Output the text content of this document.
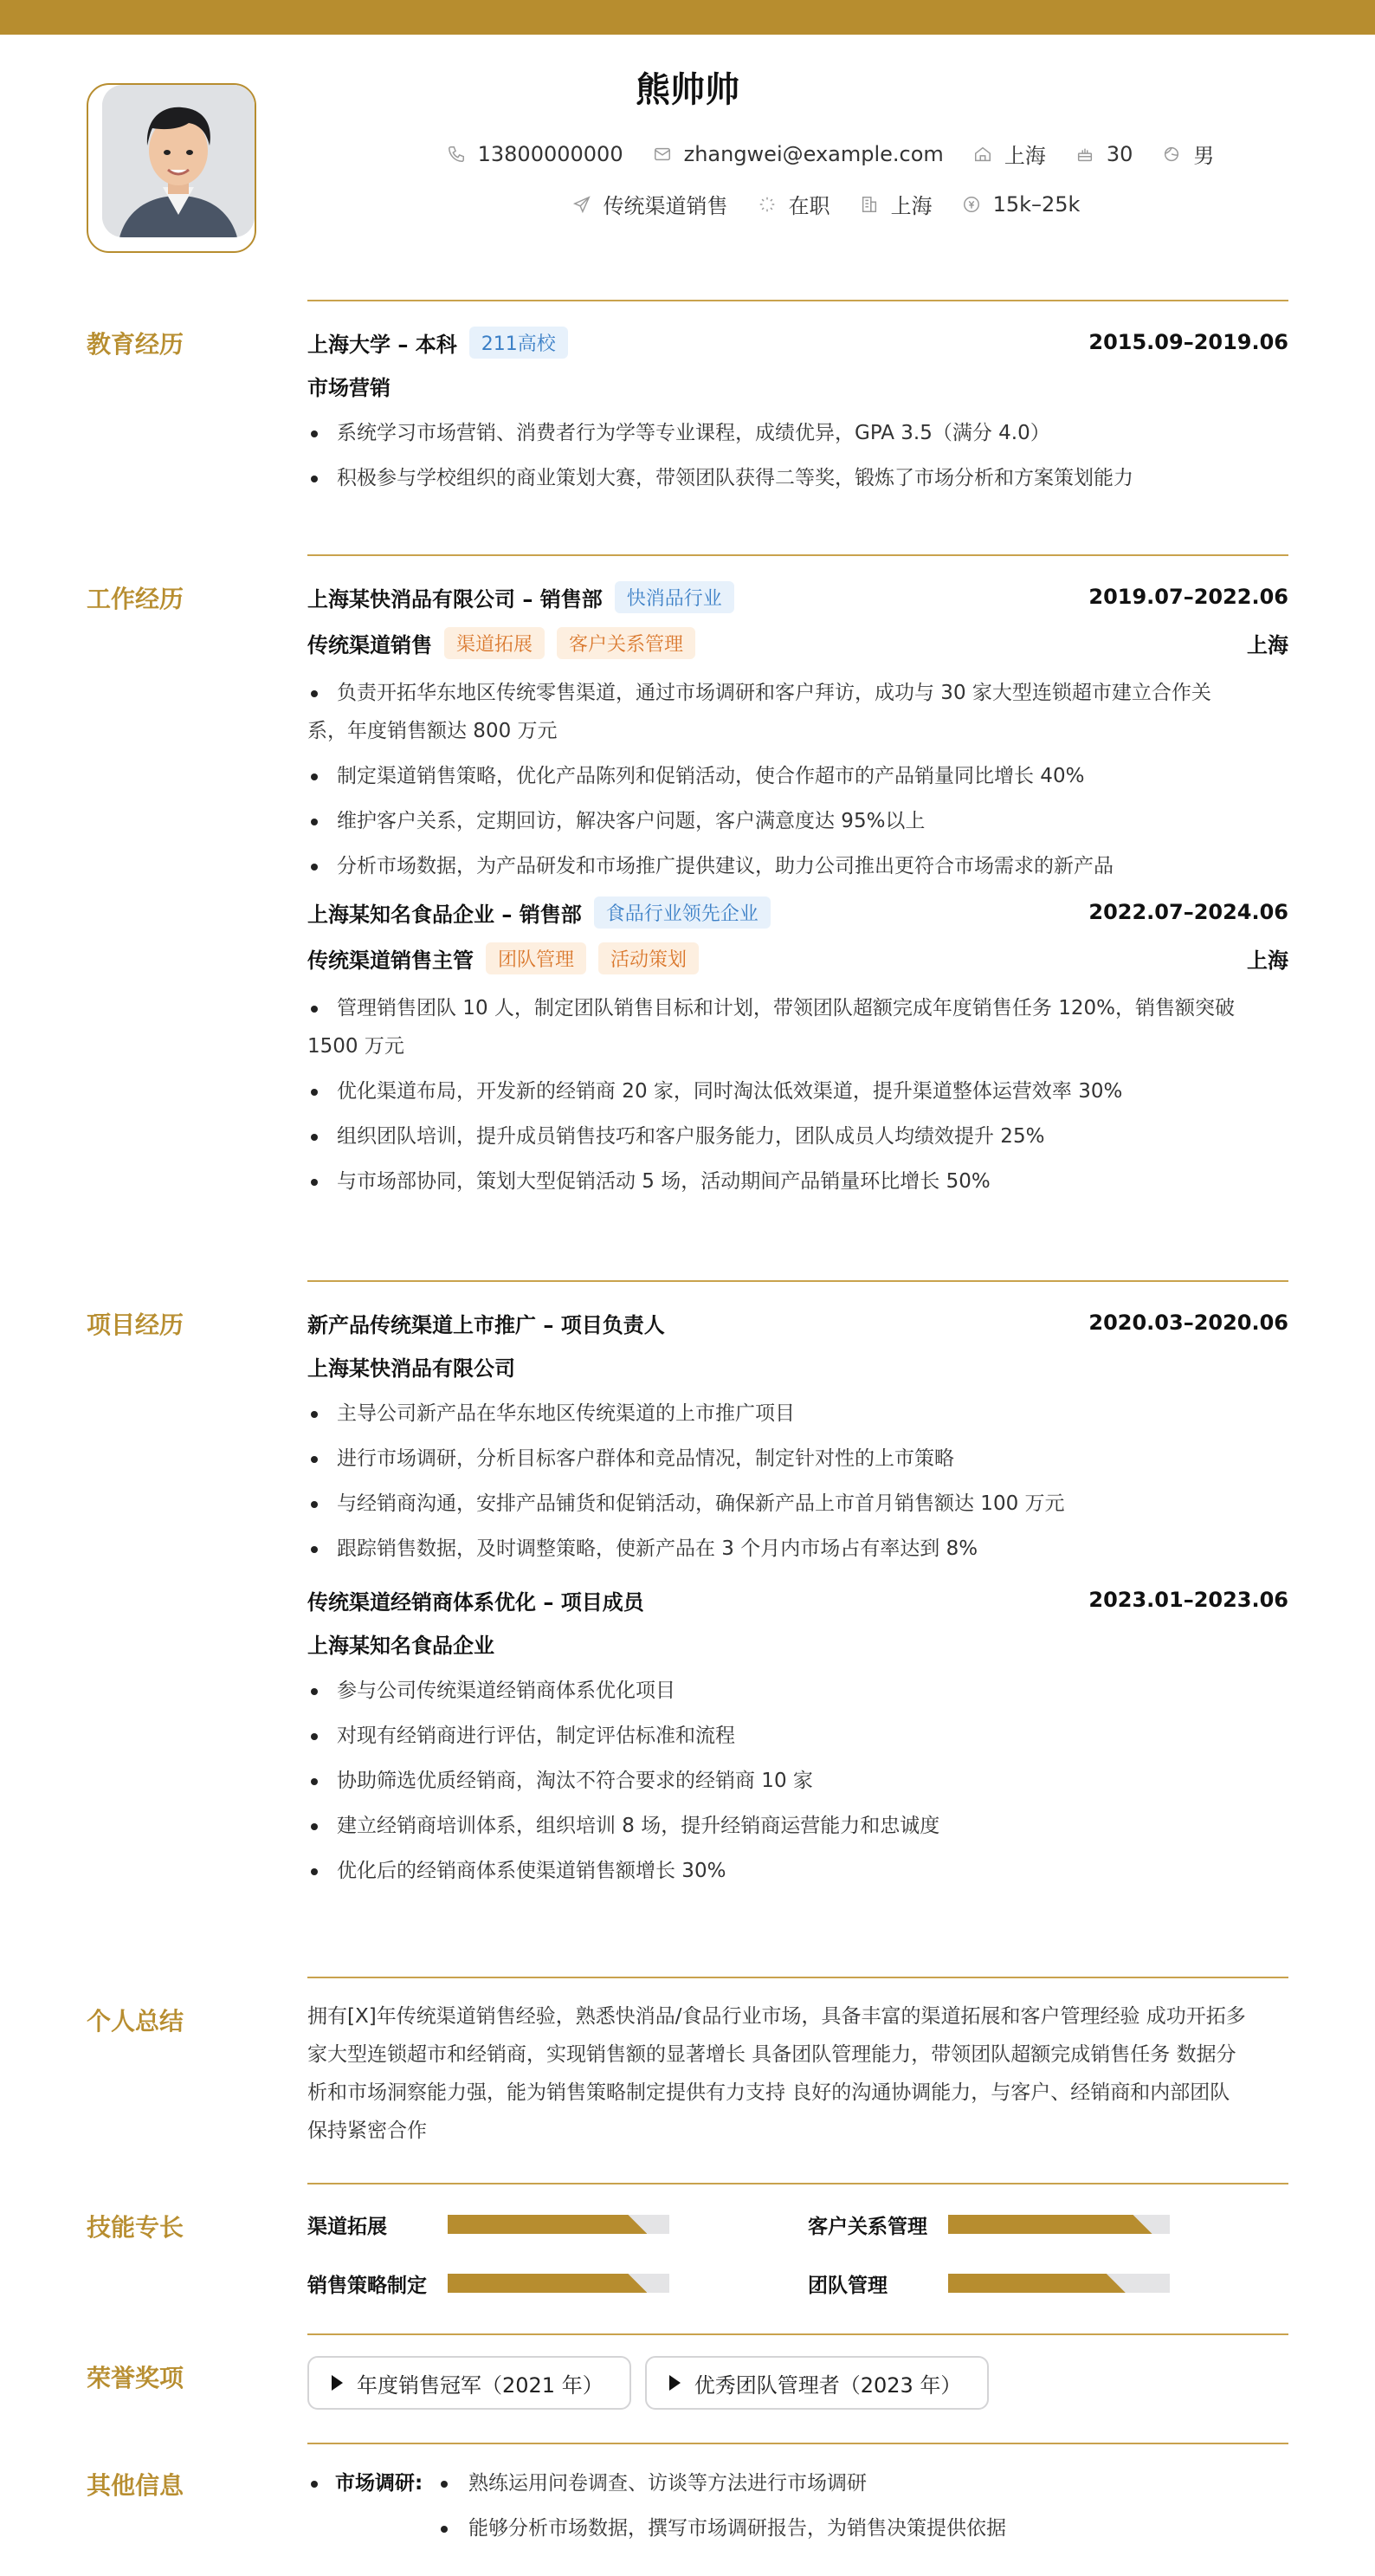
熊帅帅
13800000000	zhangwei@example.com	上海	30	男
传统渠道销售	在职	上海	15k–25k
教育经历	上海大学 – 本科	211高校	2015.09–2019.06
市场营销
系统学习市场营销、消费者行为学等专业课程，成绩优异，GPA 3.5（满分 4.0）
积极参与学校组织的商业策划大赛，带领团队获得二等奖，锻炼了市场分析和方案策划能力
工作经历	上海某快消品有限公司 – 销售部	快消品行业	2019.07–2022.06
传统渠道销售	渠道拓展	客户关系管理	上海
负责开拓华东地区传统零售渠道，通过市场调研和客户拜访，成功与 30 家大型连锁超市建立合作关
系，年度销售额达 800 万元
制定渠道销售策略，优化产品陈列和促销活动，使合作超市的产品销量同比增长 40%
维护客户关系，定期回访，解决客户问题，客户满意度达 95%以上
分析市场数据，为产品研发和市场推广提供建议，助力公司推出更符合市场需求的新产品
上海某知名食品企业 – 销售部	食品行业领先企业	2022.07–2024.06
传统渠道销售主管	团队管理	活动策划	上海
管理销售团队 10 人，制定团队销售目标和计划，带领团队超额完成年度销售任务 120%，销售额突破
1500 万元
优化渠道布局，开发新的经销商 20 家，同时淘汰低效渠道，提升渠道整体运营效率 30%
组织团队培训，提升成员销售技巧和客户服务能力，团队成员人均绩效提升 25%
与市场部协同，策划大型促销活动 5 场，活动期间产品销量环比增长 50%
项目经历	新产品传统渠道上市推广 – 项目负责人	2020.03–2020.06
上海某快消品有限公司
主导公司新产品在华东地区传统渠道的上市推广项目
进行市场调研，分析目标客户群体和竞品情况，制定针对性的上市策略
与经销商沟通，安排产品铺货和促销活动，确保新产品上市首月销售额达 100 万元
跟踪销售数据，及时调整策略，使新产品在 3 个月内市场占有率达到 8%
传统渠道经销商体系优化 – 项目成员	2023.01–2023.06
上海某知名食品企业
参与公司传统渠道经销商体系优化项目
对现有经销商进行评估，制定评估标准和流程
协助筛选优质经销商，淘汰不符合要求的经销商 10 家
建立经销商培训体系，组织培训 8 场，提升经销商运营能力和忠诚度
优化后的经销商体系使渠道销售额增长 30%
个人总结	拥有[X]年传统渠道销售经验，熟悉快消品/食品行业市场，具备丰富的渠道拓展和客户管理经验 成功开拓多
家大型连锁超市和经销商，实现销售额的显著增长 具备团队管理能力，带领团队超额完成销售任务 数据分
析和市场洞察能力强，能为销售策略制定提供有力支持 良好的沟通协调能力，与客户、经销商和内部团队
保持紧密合作
技能专长	渠道拓展	客户关系管理
销售策略制定	团队管理
荣誉奖项	年度销售冠军（2021 年）	优秀团队管理者（2023 年）
其他信息	市场调研: 熟练运用问卷调查、访谈等方法进行市场调研
能够分析市场数据，撰写市场调研报告，为销售决策提供依据
